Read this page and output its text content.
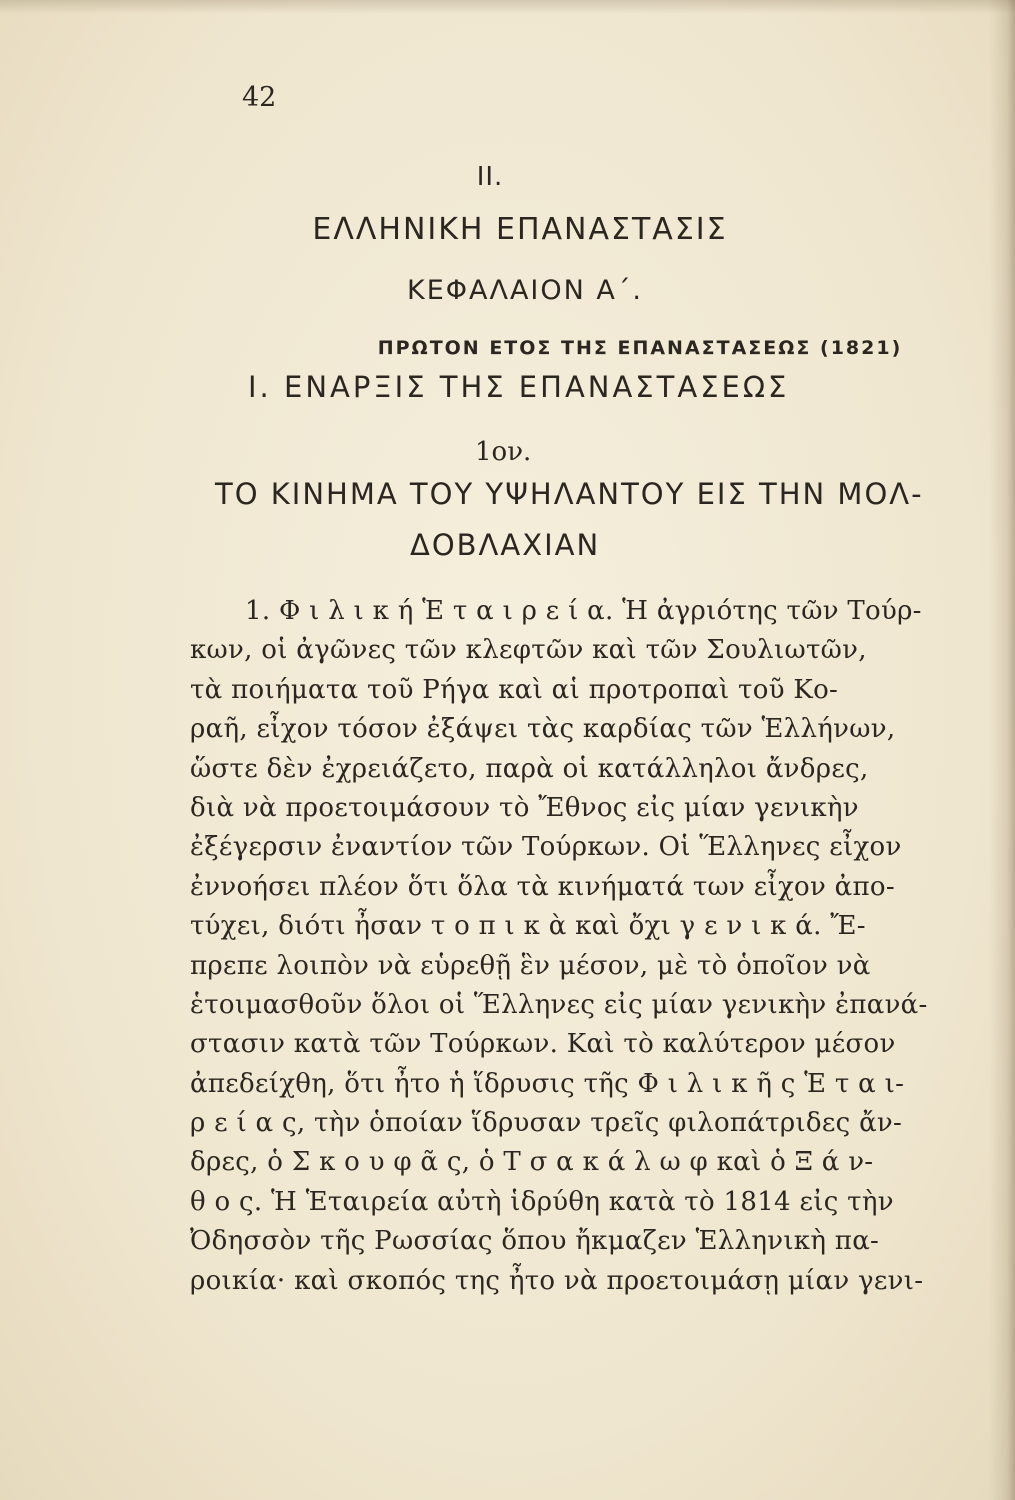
42
II.
ΕΛΛΗΝΙΚΗ ΕΠΑΝΑΣΤΑΣΙΣ
ΚΕΦΑΛΑΙΟΝ Α΄.
ΠΡΩΤΟΝ ΕΤΟΣ ΤΗΣ ΕΠΑΝΑΣΤΑΣΕΩΣ (1821)
I. ΕΝΑΡΞΙΣ ΤΗΣ ΕΠΑΝΑΣΤΑΣΕΩΣ
1ον.
ΤΟ ΚΙΝΗΜΑ ΤΟΥ ΥΨΗΛΑΝΤΟΥ ΕΙΣ ΤΗΝ ΜΟΛ-
ΔΟΒΛΑΧΙΑΝ
1. Φ ι λ ι κ ή Ἑ τ α ι ρ ε ί α. Ἡ ἀγριότης τῶν Τούρ-
κων, οἱ ἀγῶνες τῶν κλεφτῶν καὶ τῶν Σουλιωτῶν,
τὰ ποιήματα τοῦ Ρήγα καὶ αἱ προτροπαὶ τοῦ Κο-
ραῆ, εἶχον τόσον ἐξάψει τὰς καρδίας τῶν Ἑλλήνων,
ὥστε δὲν ἐχρειάζετο, παρὰ οἱ κατάλληλοι ἄνδρες,
διὰ νὰ προετοιμάσουν τὸ Ἔθνος εἰς μίαν γενικὴν
ἐξέγερσιν ἐναντίον τῶν Τούρκων. Οἱ Ἕλληνες εἶχον
ἐννοήσει πλέον ὅτι ὅλα τὰ κινήματά των εἶχον ἀπο-
τύχει, διότι ἦσαν τ ο π ι κ ὰ καὶ ὄχι γ ε ν ι κ ά. Ἔ-
πρεπε λοιπὸν νὰ εὑρεθῇ ἓν μέσον, μὲ τὸ ὁποῖον νὰ
ἑτοιμασθοῦν ὅλοι οἱ Ἕλληνες εἰς μίαν γενικὴν ἐπανά-
στασιν κατὰ τῶν Τούρκων. Καὶ τὸ καλύτερον μέσον
ἀπεδείχθη, ὅτι ἦτο ἡ ἵδρυσις τῆς Φ ι λ ι κ ῆ ς Ἑ τ α ι-
ρ ε ί α ς, τὴν ὁποίαν ἵδρυσαν τρεῖς φιλοπάτριδες ἄν-
δρες, ὁ Σ κ ο υ φ ᾶ ς, ὁ Τ σ α κ ά λ ω φ καὶ ὁ Ξ ά ν-
θ ο ς. Ἡ Ἑταιρεία αὐτὴ ἱδρύθη κατὰ τὸ 1814 εἰς τὴν
Ὀδησσὸν τῆς Ρωσσίας ὅπου ἤκμαζεν Ἑλληνικὴ πα-
ροικία· καὶ σκοπός της ἦτο νὰ προετοιμάσῃ μίαν γενι-
